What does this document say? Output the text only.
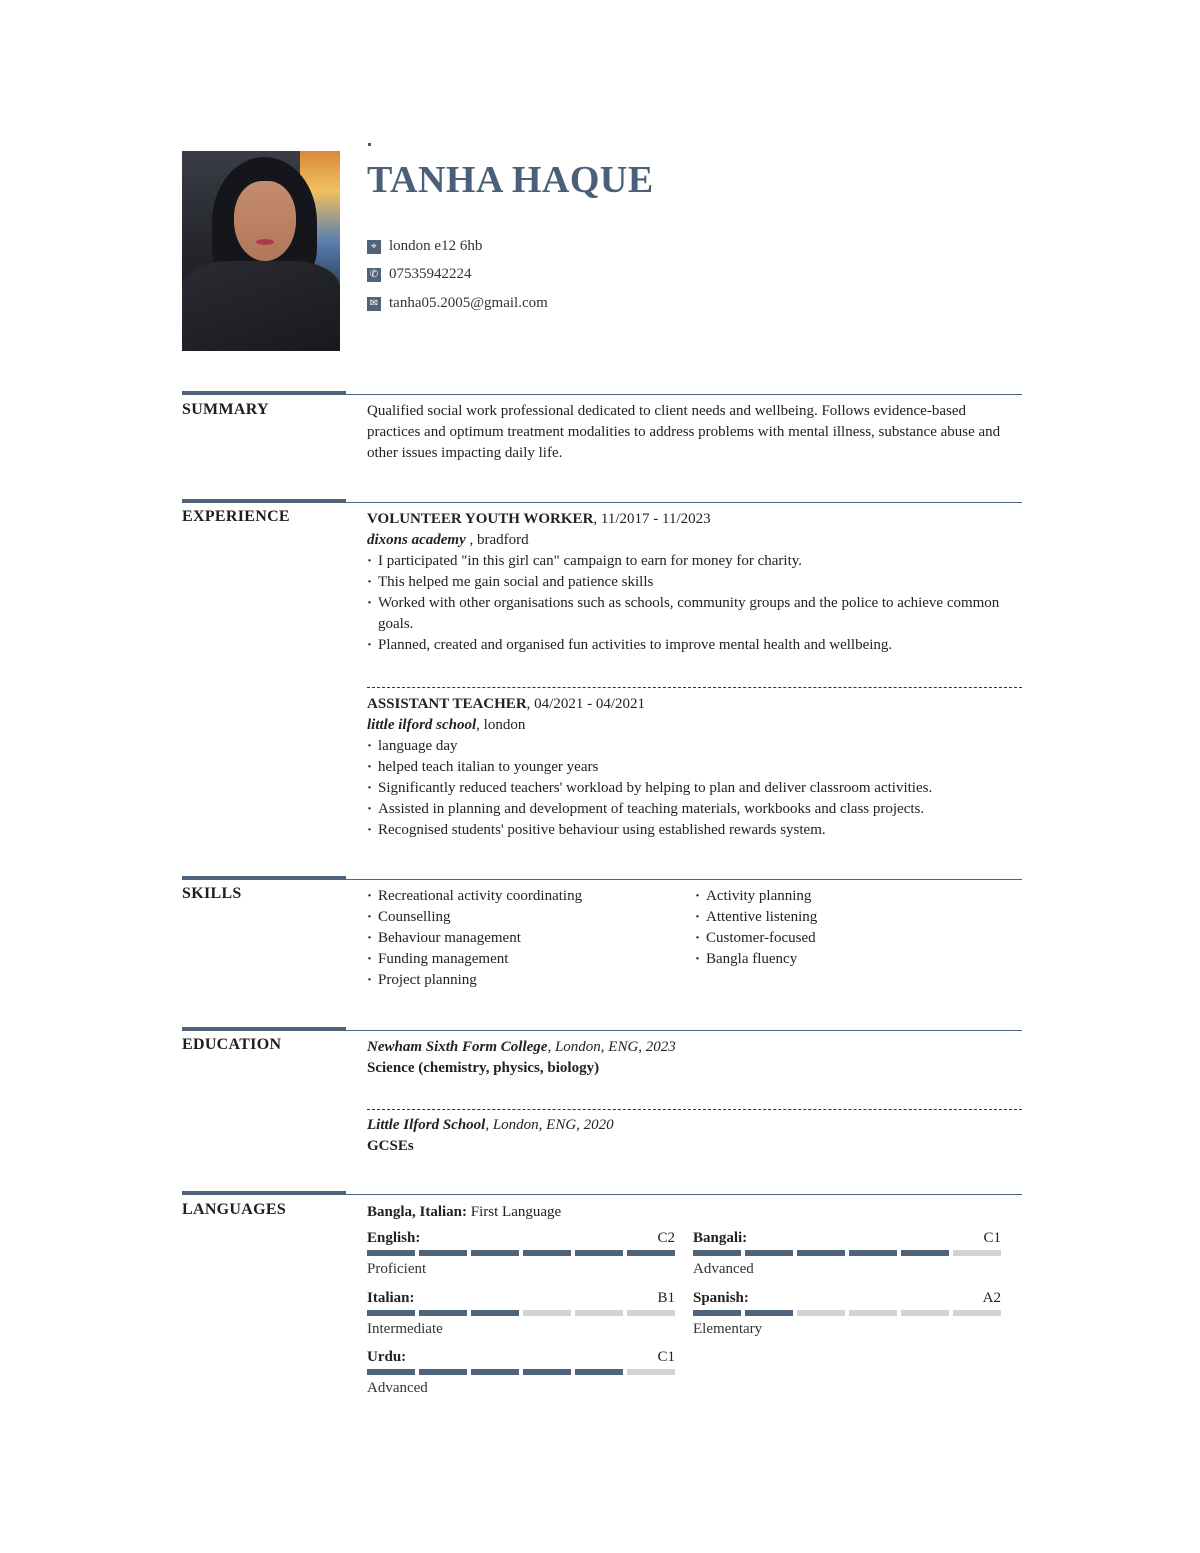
TANHA HAQUE
⌖ london e12 6hb
✆ 07535942224
✉ tanha05.2005@gmail.com
SUMMARY	Qualified social work professional dedicated to client needs and wellbeing. Follows evidence-based practices and optimum treatment modalities to address problems with mental illness, substance abuse and other issues impacting daily life.
EXPERIENCE	VOLUNTEER YOUTH WORKER, 11/2017 - 11/2023
dixons academy , bradford
· I participated "in this girl can" campaign to earn for money for charity.
· This helped me gain social and patience skills
· Worked with other organisations such as schools, community groups and the police to achieve common goals.
· Planned, created and organised fun activities to improve mental health and wellbeing.
ASSISTANT TEACHER, 04/2021 - 04/2021
little ilford school, london
· language day
· helped teach italian to younger years
· Significantly reduced teachers' workload by helping to plan and deliver classroom activities.
· Assisted in planning and development of teaching materials, workbooks and class projects.
· Recognised students' positive behaviour using established rewards system.
SKILLS
·	Recreational activity coordinating
· Counselling
· Behaviour management
· Funding management
· Project planning
· Activity planning
· Attentive listening
· Customer-focused
· Bangla fluency
EDUCATION	Newham Sixth Form College, London, ENG, 2023
Science (chemistry, physics, biology)
Little Ilford School, London, ENG, 2020
GCSEs
LANGUAGES	Bangla, Italian: First Language
English:	C2
Proficient
Bangali:	C1
Advanced
Italian:	B1
Intermediate
Spanish:	A2
Elementary
Urdu:	C1
Advanced
